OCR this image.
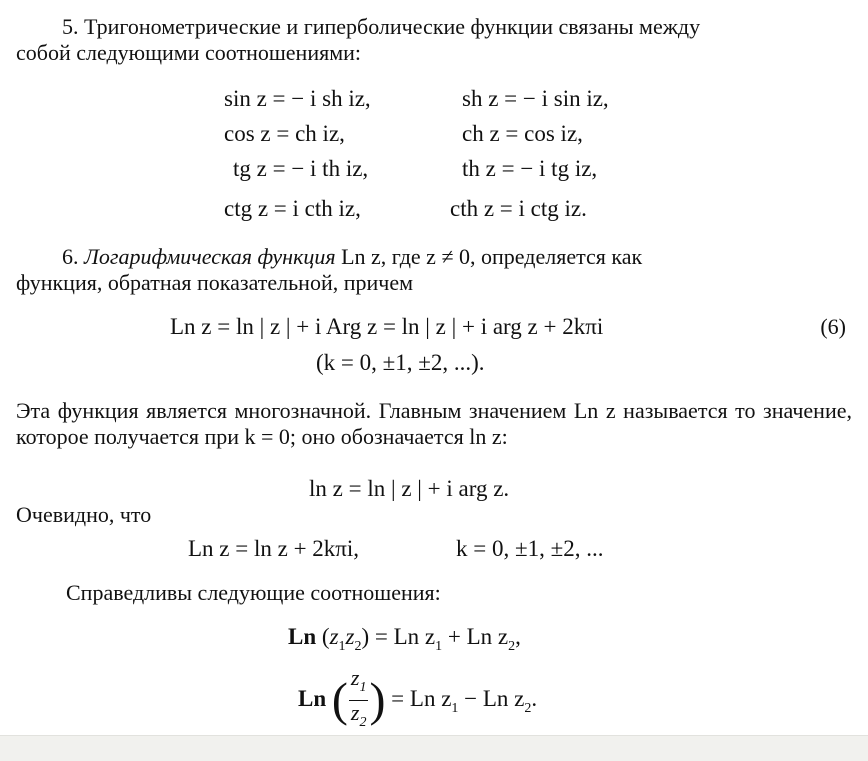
5. Тригонометрические и гиперболические функции связаны между
собой следующими соотношениями:
sin z = − i sh iz,	sh z = − i sin iz,
cos z = ch iz,	ch z = cos iz,
tg z = − i th iz,	th z = − i tg iz,
ctg z = i cth iz,	cth z = i ctg iz.
6. Логарифмическая функция Ln z, где z ≠ 0, определяется как
функция, обратная показательной, причем
Ln z = ln | z | + i Arg z = ln | z | + i arg z + 2kπi	(6)
(k = 0, ±1, ±2, ...).
Эта функция является многозначной. Главным значением Ln z называется то значение, которое получается при k = 0; оно обозначается ln z:
ln z = ln | z | + i arg z.
Очевидно, что
Ln z = ln z + 2kπi,	k = 0, ±1, ±2, ...
Справедливы следующие соотношения:
Ln $(z_1z_2) = Ln$ $z_1 + Ln$ $z_2$,
Ln ( $\frac{z_1}{z_2}$ ) = Ln $z_1 - Ln$ $z_2$.
